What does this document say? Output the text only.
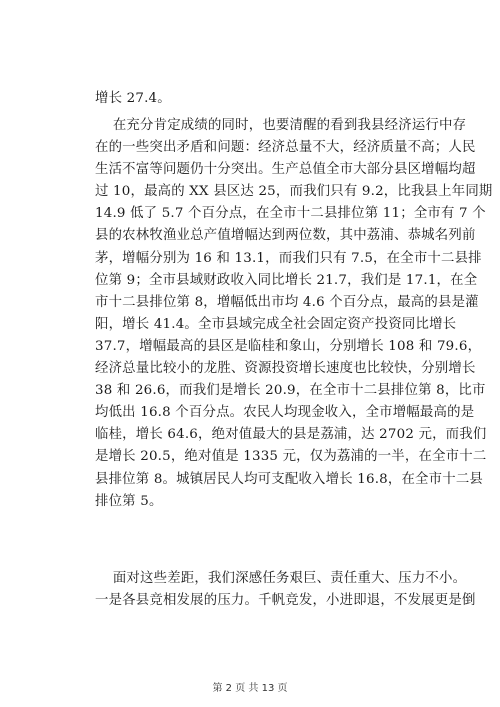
增长 27.4。
在充分肯定成绩的同时，也要清醒的看到我县经济运行中存
在的一些突出矛盾和问题：经济总量不大，经济质量不高；人民
生活不富等问题仍十分突出。生产总值全市大部分县区增幅均超
过 10，最高的 XX 县区达 25，而我们只有 9.2，比我县上年同期
14.9 低了 5.7 个百分点，在全市十二县排位第 11；全市有 7 个
县的农林牧渔业总产值增幅达到两位数，其中荔浦、恭城名列前
茅，增幅分别为 16 和 13.1，而我们只有 7.5，在全市十二县排
位第 9；全市县域财政收入同比增长 21.7，我们是 17.1，在全
市十二县排位第 8，增幅低出市均 4.6 个百分点，最高的县是灌
阳，增长 41.4。全市县域完成全社会固定资产投资同比增长
37.7，增幅最高的县区是临桂和象山，分别增长 108 和 79.6，
经济总量比较小的龙胜、资源投资增长速度也比较快，分别增长
38 和 26.6，而我们是增长 20.9，在全市十二县排位第 8，比市
均低出 16.8 个百分点。农民人均现金收入，全市增幅最高的是
临桂，增长 64.6，绝对值最大的县是荔浦，达 2702 元，而我们
是增长 20.5，绝对值是 1335 元，仅为荔浦的一半，在全市十二
县排位第 8。城镇居民人均可支配收入增长 16.8，在全市十二县
排位第 5。
面对这些差距，我们深感任务艰巨、责任重大、压力不小。
一是各县竞相发展的压力。千帆竞发，小进即退，不发展更是倒
第 2 页 共 13 页
